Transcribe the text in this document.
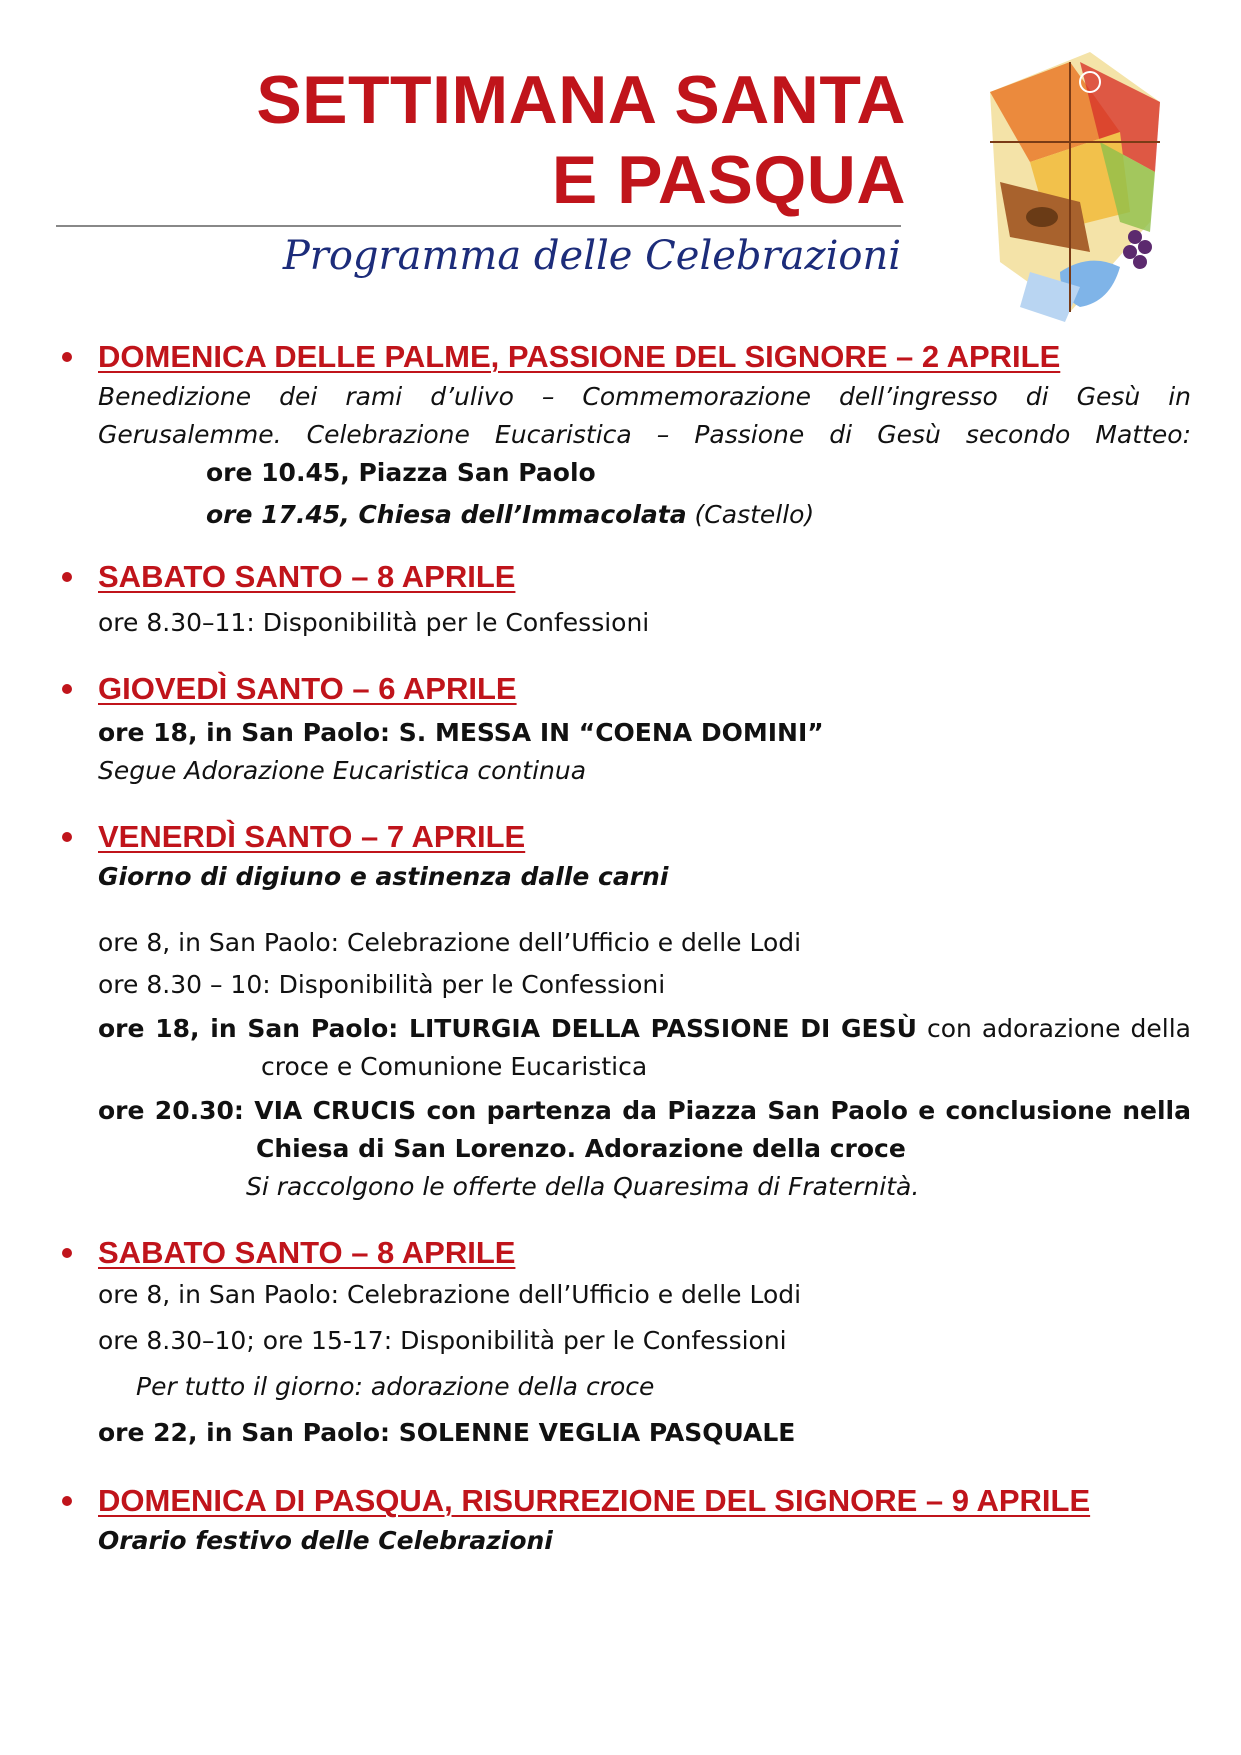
SETTIMANA SANTA

E PASQUA

Programma delle Celebrazioni

DOMENICA DELLE PALME, PASSIONE DEL SIGNORE – 2 APRILE

Benedizione dei rami d’ulivo – Commemorazione dell’ingresso di Gesù in

Gerusalemme. Celebrazione Eucaristica – Passione di Gesù secondo Matteo:

ore 10.45, Piazza San Paolo

ore 17.45, Chiesa dell’Immacolata (Castello)

SABATO SANTO – 8 APRILE

ore 8.30–11: Disponibilità per le Confessioni

GIOVEDÌ SANTO – 6 APRILE

ore 18, in San Paolo: S. MESSA IN “COENA DOMINI”

Segue Adorazione Eucaristica continua

VENERDÌ SANTO – 7 APRILE

Giorno di digiuno e astinenza dalle carni

ore 8, in San Paolo: Celebrazione dell’Ufficio e delle Lodi

ore 8.30 – 10: Disponibilità per le Confessioni

ore 18, in San Paolo: LITURGIA DELLA PASSIONE DI GESÙ con adorazione della

croce e Comunione Eucaristica

ore 20.30: VIA CRUCIS con partenza da Piazza San Paolo e conclusione nella

Chiesa di San Lorenzo. Adorazione della croce

Si raccolgono le offerte della Quaresima di Fraternità.

SABATO SANTO – 8 APRILE

ore 8, in San Paolo: Celebrazione dell’Ufficio e delle Lodi

ore 8.30–10; ore 15-17: Disponibilità per le Confessioni

Per tutto il giorno: adorazione della croce

ore 22, in San Paolo: SOLENNE VEGLIA PASQUALE

DOMENICA DI PASQUA, RISURREZIONE DEL SIGNORE – 9 APRILE

Orario festivo delle Celebrazioni
